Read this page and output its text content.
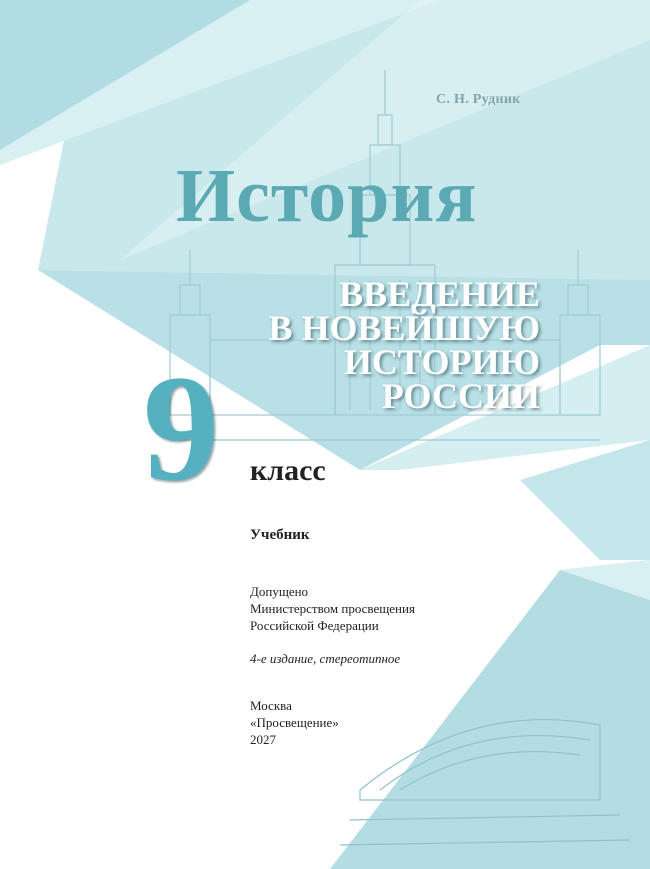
С. Н. Рудник
История
ВВЕДЕНИЕ
В НОВЕЙШУЮ
ИСТОРИЮ
РОССИИ
9 класс
Учебник
Допущено
Министерством просвещения
Российской Федерации
4-е издание, стереотипное
Москва
«Просвещение»
2027
